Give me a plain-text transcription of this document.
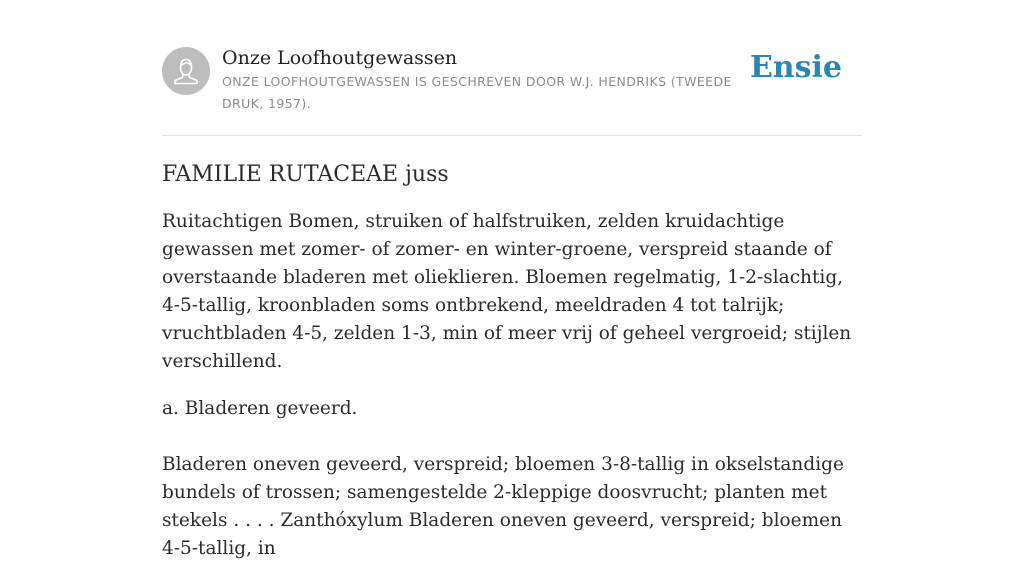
Onze Loofhoutgewassen
ONZE LOOFHOUTGEWASSEN IS GESCHREVEN DOOR W.J. HENDRIKS (TWEEDE DRUK, 1957).
Ensie
FAMILIE RUTACEAE juss

Ruitachtigen Bomen, struiken of halfstruiken, zelden kruidachtige gewassen met zomer- of zomer- en winter-groene, verspreid staande of overstaande bladeren met olieklieren. Bloemen regelmatig, 1-2-slachtig, 4-5-tallig, kroonbladen soms ontbrekend, meeldraden 4 tot talrijk; vruchtbladen 4-5, zelden 1-3, min of meer vrij of geheel vergroeid; stijlen verschillend.

a. Bladeren geveerd.

Bladeren oneven geveerd, verspreid; bloemen 3-8-tallig in okselstandige bundels of trossen; samengestelde 2-kleppige doosvrucht; planten met stekels . . . . Zanthóxylum Bladeren oneven geveerd, verspreid; bloemen 4-5-tallig, in
